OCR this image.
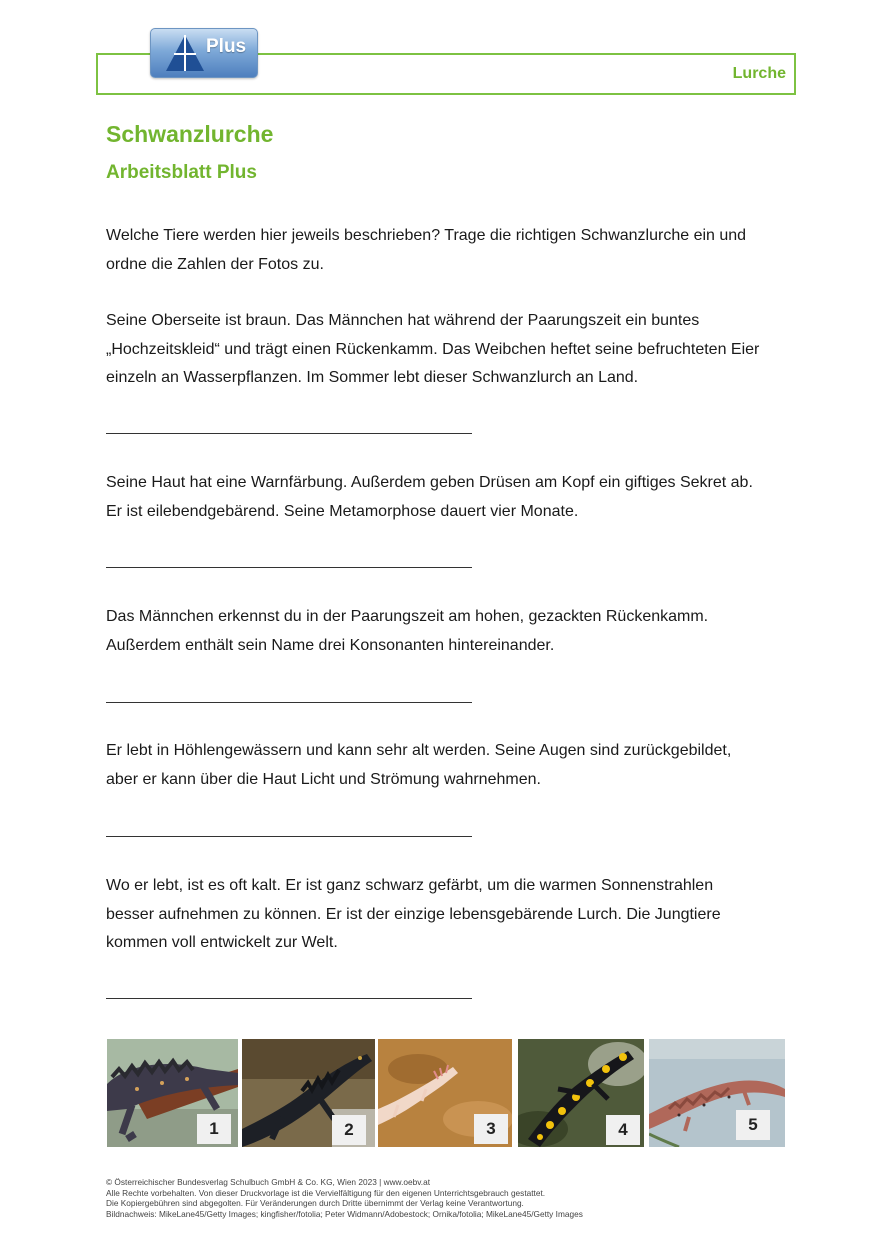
Lurche
Plus
Schwanzlurche
Arbeitsblatt Plus
Welche Tiere werden hier jeweils beschrieben? Trage die richtigen Schwanzlurche ein und
ordne die Zahlen der Fotos zu.
Seine Oberseite ist braun. Das Männchen hat während der Paarungszeit ein buntes
„Hochzeitskleid“ und trägt einen Rückenkamm. Das Weibchen heftet seine befruchteten Eier
einzeln an Wasserpflanzen. Im Sommer lebt dieser Schwanzlurch an Land.
Seine Haut hat eine Warnfärbung. Außerdem geben Drüsen am Kopf ein giftiges Sekret ab.
Er ist eilebendgebärend. Seine Metamorphose dauert vier Monate.
Das Männchen erkennst du in der Paarungszeit am hohen, gezackten Rückenkamm.
Außerdem enthält sein Name drei Konsonanten hintereinander.
Er lebt in Höhlengewässern und kann sehr alt werden. Seine Augen sind zurückgebildet,
aber er kann über die Haut Licht und Strömung wahrnehmen.
Wo er lebt, ist es oft kalt. Er ist ganz schwarz gefärbt, um die warmen Sonnenstrahlen
besser aufnehmen zu können. Er ist der einzige lebensgebärende Lurch. Die Jungtiere
kommen voll entwickelt zur Welt.
1	2	3	4	5
© Österreichischer Bundesverlag Schulbuch GmbH & Co. KG, Wien 2023 | www.oebv.at
Alle Rechte vorbehalten. Von dieser Druckvorlage ist die Vervielfältigung für den eigenen Unterrichtsgebrauch gestattet.
Die Kopiergebühren sind abgegolten. Für Veränderungen durch Dritte übernimmt der Verlag keine Verantwortung.
Bildnachweis: MikeLane45/Getty Images; kingfisher/fotolia; Peter Widmann/Adobestock; Ornika/fotolia; MikeLane45/Getty Images
